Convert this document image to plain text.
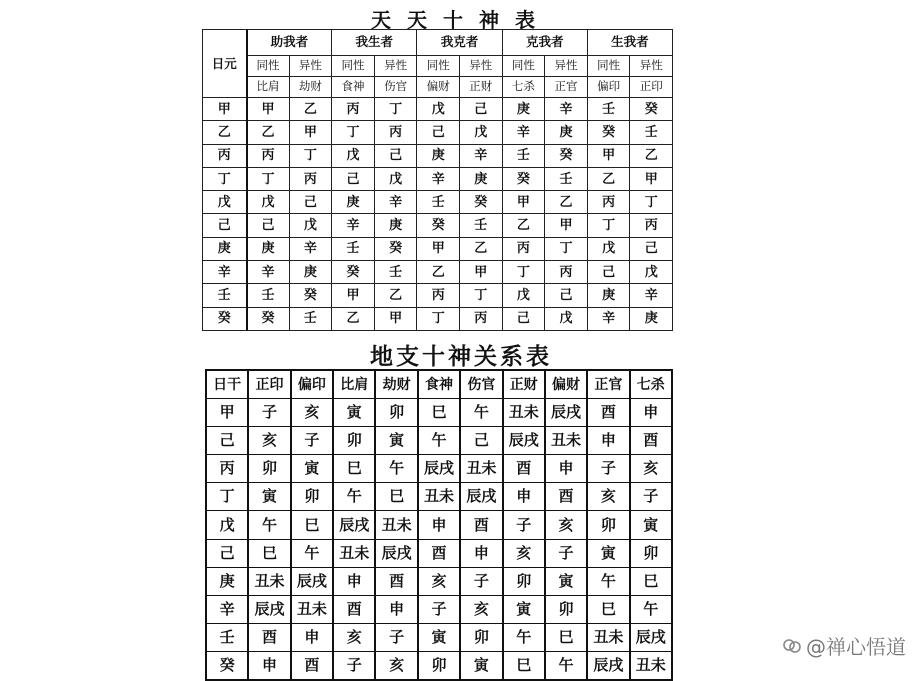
天天十神表
日元	助我者		我生者		我克者		克我者		生我者	
	同性	异性	同性	异性	同性	异性	同性	异性	同性	异性
	比肩	劫财	食神	伤官	偏财	正财	七杀	正官	偏印	正印
甲	甲	乙	丙	丁	戊	己	庚	辛	壬	癸
乙	乙	甲	丁	丙	己	戊	辛	庚	癸	壬
丙	丙	丁	戊	己	庚	辛	壬	癸	甲	乙
丁	丁	丙	己	戊	辛	庚	癸	壬	乙	甲
戊	戊	己	庚	辛	壬	癸	甲	乙	丙	丁
己	己	戊	辛	庚	癸	壬	乙	甲	丁	丙
庚	庚	辛	壬	癸	甲	乙	丙	丁	戊	己
辛	辛	庚	癸	壬	乙	甲	丁	丙	己	戊
壬	壬	癸	甲	乙	丙	丁	戊	己	庚	辛
癸	癸	壬	乙	甲	丁	丙	己	戊	辛	庚
地支十神关系表
日干	正印	偏印	比肩	劫财	食神	伤官	正财	偏财	正官	七杀
甲	子	亥	寅	卯	巳	午	丑未	辰戌	酉	申
己	亥	子	卯	寅	午	己	辰戌	丑未	申	酉
丙	卯	寅	巳	午	辰戌	丑未	酉	申	子	亥
丁	寅	卯	午	巳	丑未	辰戌	申	酉	亥	子
戊	午	巳	辰戌	丑未	申	酉	子	亥	卯	寅
己	巳	午	丑未	辰戌	酉	申	亥	子	寅	卯
庚	丑未	辰戌	申	酉	亥	子	卯	寅	午	巳
辛	辰戌	丑未	酉	申	子	亥	寅	卯	巳	午
壬	酉	申	亥	子	寅	卯	午	巳	丑未	辰戌
癸	申	酉	子	亥	卯	寅	巳	午	辰戌	丑未
@禅心悟道
